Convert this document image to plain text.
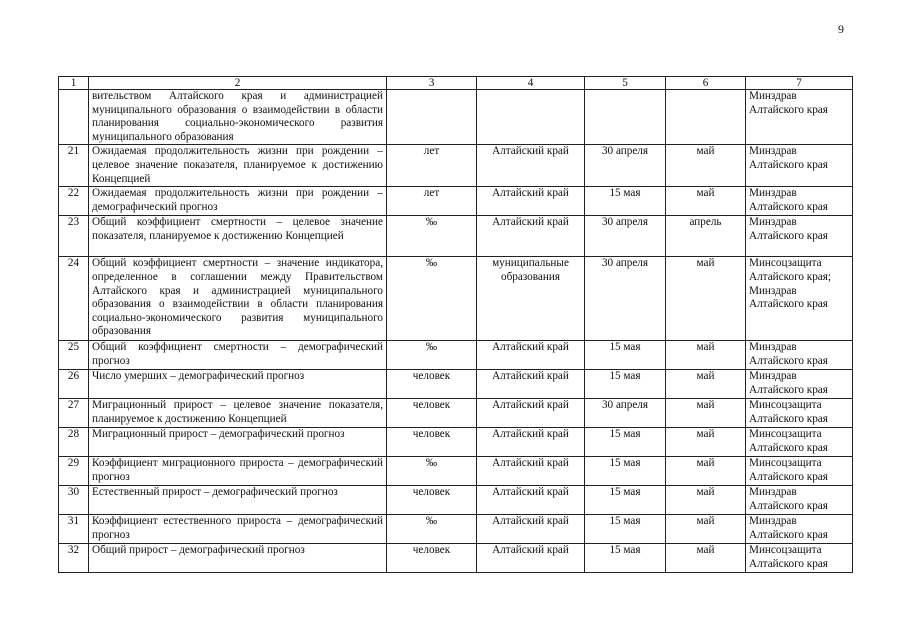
9
1	2	3	4	5	6	7
	вительством Алтайского края и администрацией муниципального образования о взаимодействии в области планирования социально-экономического развития муниципального образования					Минздрав Алтайского края
21	Ожидаемая продолжительность жизни при рождении – целевое значение показателя, планируемое к достижению Концепцией	лет	Алтайский край	30 апреля	май	Минздрав Алтайского края
22	Ожидаемая продолжительность жизни при рождении – демографический прогноз	лет	Алтайский край	15 мая	май	Минздрав Алтайского края
23	Общий коэффициент смертности – целевое значение показателя, планируемое к достижению Концепцией	‰	Алтайский край	30 апреля	апрель	Минздрав Алтайского края
24	Общий коэффициент смертности – значение индикатора, определенное в соглашении между Правительством Алтайского края и администрацией муниципального образования о взаимодействии в области планирования социально-экономического развития муниципального образования	‰	муниципальные образования	30 апреля	май	Минсоцзащита Алтайского края; Минздрав Алтайского края
25	Общий коэффициент смертности – демографический прогноз	‰	Алтайский край	15 мая	май	Минздрав Алтайского края
26	Число умерших – демографический прогноз	человек	Алтайский край	15 мая	май	Минздрав Алтайского края
27	Миграционный прирост – целевое значение показателя, планируемое к достижению Концепцией	человек	Алтайский край	30 апреля	май	Минсоцзащита Алтайского края
28	Миграционный прирост – демографический прогноз	человек	Алтайский край	15 мая	май	Минсоцзащита Алтайского края
29	Коэффициент миграционного прироста – демографический прогноз	‰	Алтайский край	15 мая	май	Минсоцзащита Алтайского края
30	Естественный прирост – демографический прогноз	человек	Алтайский край	15 мая	май	Минздрав Алтайского края
31	Коэффициент естественного прироста – демографический прогноз	‰	Алтайский край	15 мая	май	Минздрав Алтайского края
32	Общий прирост – демографический прогноз	человек	Алтайский край	15 мая	май	Минсоцзащита Алтайского края
